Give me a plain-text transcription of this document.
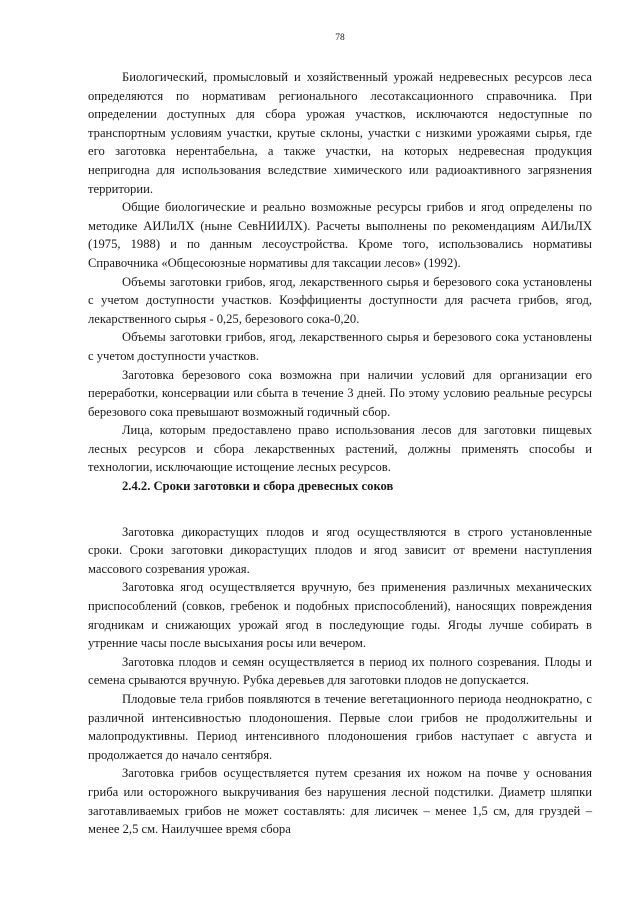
78

Биологический, промысловый и хозяйственный урожай недревесных ресурсов леса определяются по нормативам регионального лесотаксационного справочника. При определении доступных для сбора урожая участков, исключаются недоступные по транспортным условиям участки, крутые склоны, участки с низкими урожаями сырья, где его заготовка нерентабельна, а также участки, на которых недревесная продукция непригодна для использования вследствие химического или радиоактивного загрязнения территории.

Общие биологические и реально возможные ресурсы грибов и ягод определены по методике АИЛиЛХ (ныне СевНИИЛХ). Расчеты выполнены по рекомендациям АИЛиЛХ (1975, 1988) и по данным лесоустройства. Кроме того, использовались нормативы Справочника «Общесоюзные нормативы для таксации лесов» (1992).

Объемы заготовки грибов, ягод, лекарственного сырья и березового сока установлены с учетом доступности участков. Коэффициенты доступности для расчета грибов, ягод, лекарственного сырья - 0,25, березового сока-0,20.

Объемы заготовки грибов, ягод, лекарственного сырья и березового сока установлены с учетом доступности участков.

Заготовка березового сока возможна при наличии условий для организации его переработки, консервации или сбыта в течение 3 дней. По этому условию реальные ресурсы березового сока превышают возможный годичный сбор.

Лица, которым предоставлено право использования лесов для заготовки пищевых лесных ресурсов и сбора лекарственных растений, должны применять способы и технологии, исключающие истощение лесных ресурсов.

2.4.2. Сроки заготовки и сбора древесных соков

Заготовка дикорастущих плодов и ягод осуществляются в строго установленные сроки. Сроки заготовки дикорастущих плодов и ягод зависит от времени наступления массового созревания урожая.

Заготовка ягод осуществляется вручную, без применения различных механических приспособлений (совков, гребенок и подобных приспособлений), наносящих повреждения ягодникам и снижающих урожай ягод в последующие годы. Ягоды лучше собирать в утренние часы после высыхания росы или вечером.

Заготовка плодов и семян осуществляется в период их полного созревания. Плоды и семена срываются вручную. Рубка деревьев для заготовки плодов не допускается.

Плодовые тела грибов появляются в течение вегетационного периода неоднократно, с различной интенсивностью плодоношения. Первые слои грибов не продолжительны и малопродуктивны. Период интенсивного плодоношения грибов наступает с августа и продолжается до начало сентября.

Заготовка грибов осуществляется путем срезания их ножом на почве у основания гриба или осторожного выкручивания без нарушения лесной подстилки. Диаметр шляпки заготавливаемых грибов не может составлять: для лисичек – менее 1,5 см, для груздей – менее 2,5 см. Наилучшее время сбора
